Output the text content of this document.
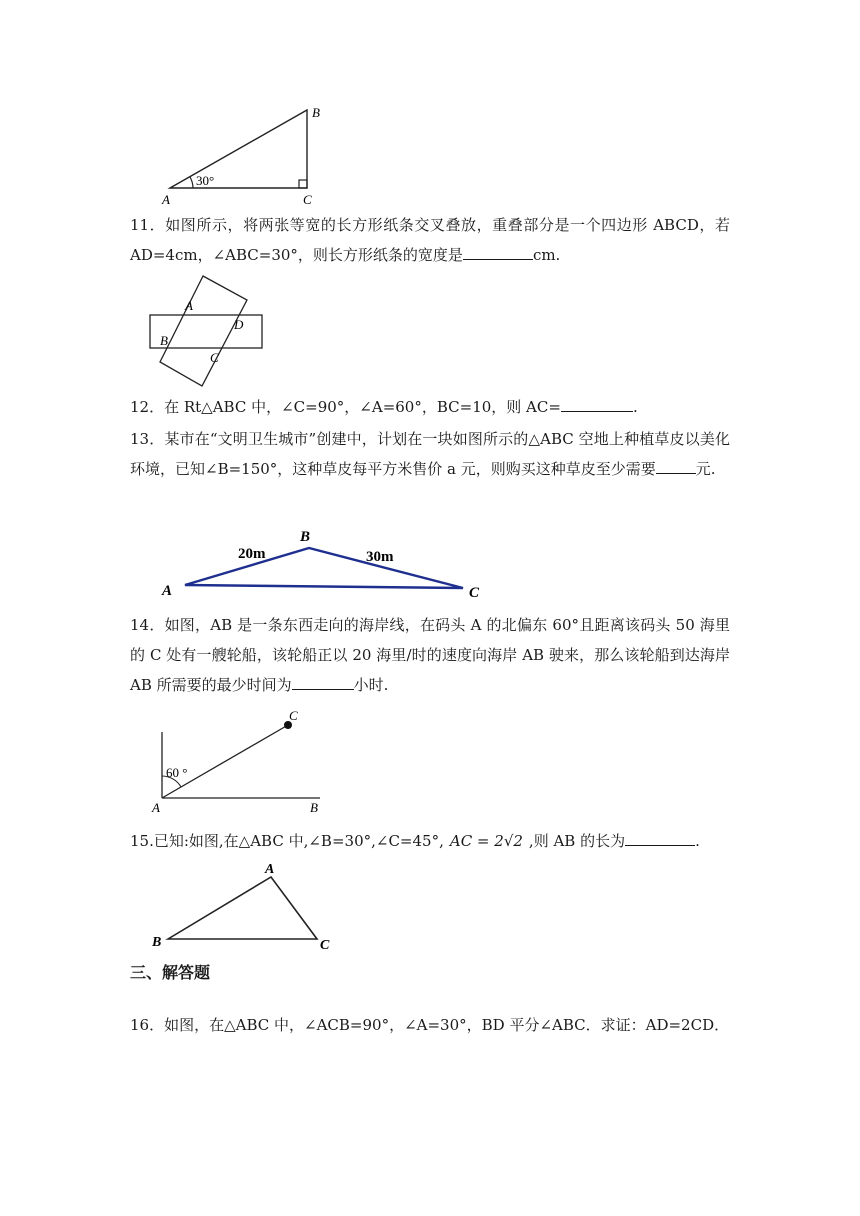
30°
A
B
C
11．如图所示，将两张等宽的长方形纸条交叉叠放，重叠部分是一个四边形 ABCD，若 AD=4cm，∠ABC=30°，则长方形纸条的宽度是	cm.
A
B
C
D
12．在 Rt△ABC 中，∠C=90°，∠A=60°，BC=10，则 AC=	.
13．某市在“文明卫生城市”创建中，计划在一块如图所示的△ABC 空地上种植草皮以美化环境，已知∠B=150°，这种草皮每平方米售价 a 元，则购买这种草皮至少需要	元.
A
B
C
20m	30m
14．如图，AB 是一条东西走向的海岸线，在码头 A 的北偏东 60°且距离该码头 50 海里的 C 处有一艘轮船，该轮船正以 20 海里/时的速度向海岸 AB 驶来，那么该轮船到达海岸 AB 所需要的最少时间为	小时.
60 °
A	B
C
15.已知:如图,在△ABC 中,∠B=30°,∠C=45°, AC = 2√2 ,则 AB 的长为	.
A
B	C
三、解答题
16．如图，在△ABC 中，∠ACB=90°，∠A=30°，BD 平分∠ABC．求证：AD=2CD．
